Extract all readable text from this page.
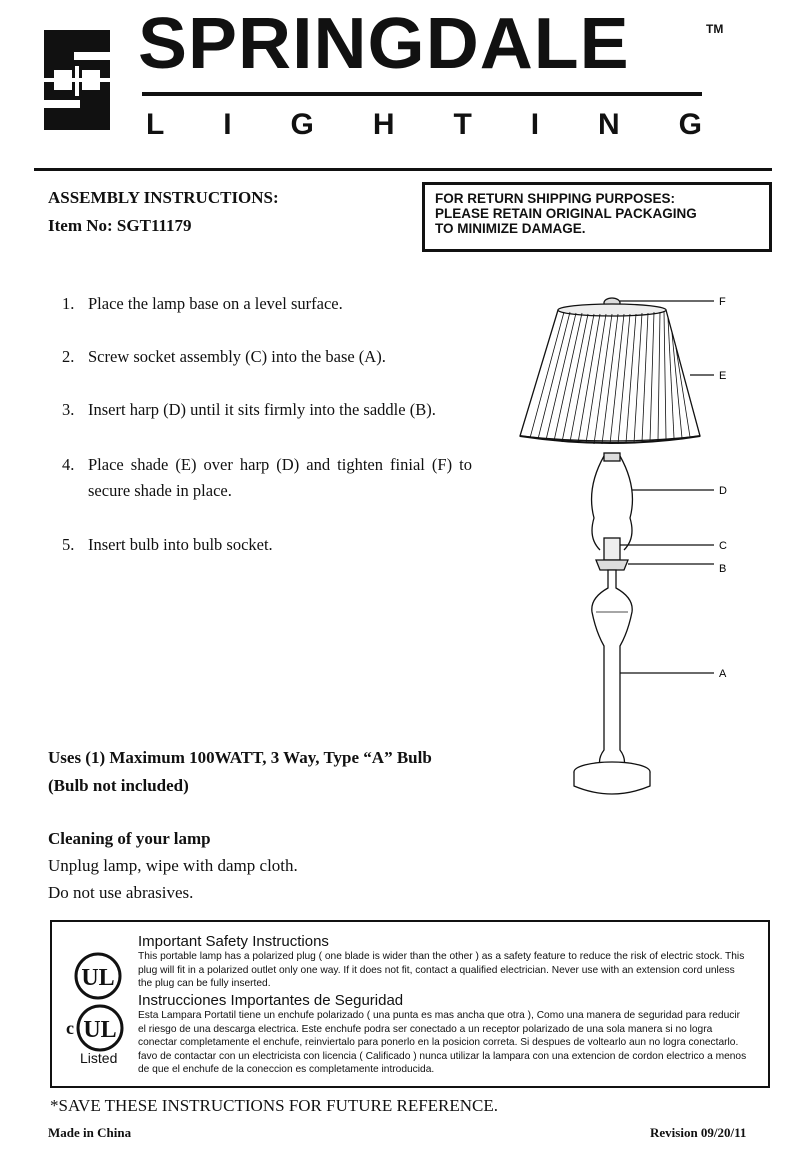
SPRINGDALE	TM
L I G H T I N G
ASSEMBLY INSTRUCTIONS:
Item No: SGT11179
FOR RETURN SHIPPING PURPOSES:
PLEASE RETAIN ORIGINAL PACKAGING
TO MINIMIZE DAMAGE.
1. Place the lamp base on a level surface.
2. Screw socket assembly (C) into the base (A).
3. Insert harp (D) until it sits firmly into the saddle (B).
4. Place shade (E) over harp (D) and tighten finial (F) to secure shade in place.
5. Insert bulb into bulb socket.
F
E
D
C
B
A
Uses (1) Maximum 100WATT, 3 Way, Type “A” Bulb
(Bulb not included)
Cleaning of your lamp
Unplug lamp, wipe with damp cloth.
Do not use abrasives.
UL
c UL
Listed
Important Safety Instructions
This portable lamp has a polarized plug ( one blade is wider than the other ) as a safety feature to reduce the risk of electric stock. This plug will fit in a polarized outlet only one way. If it does not fit, contact a qualified electrician. Never use with an extension cord unless the plug can be fully inserted.
Instrucciones Importantes de Seguridad
Esta Lampara Portatil tiene un enchufe polarizado ( una punta es mas ancha que otra ), Como una manera de seguridad para reducir el riesgo de una descarga electrica. Este enchufe podra ser conectado a un receptor polarizado de una sola manera si no logra conectar completamente el enchufe, reinviertalo para ponerlo en la posicion correta. Si despues de voltearlo aun no logra conectarlo. favo de contactar con un electricista con licencia ( Calificado ) nunca utilizar la lampara con una extencion de cordon electrico a menos de que el enchufe de la coneccion es completamente introducida.
*SAVE THESE INSTRUCTIONS FOR FUTURE REFERENCE.
Made in China	Revision 09/20/11
